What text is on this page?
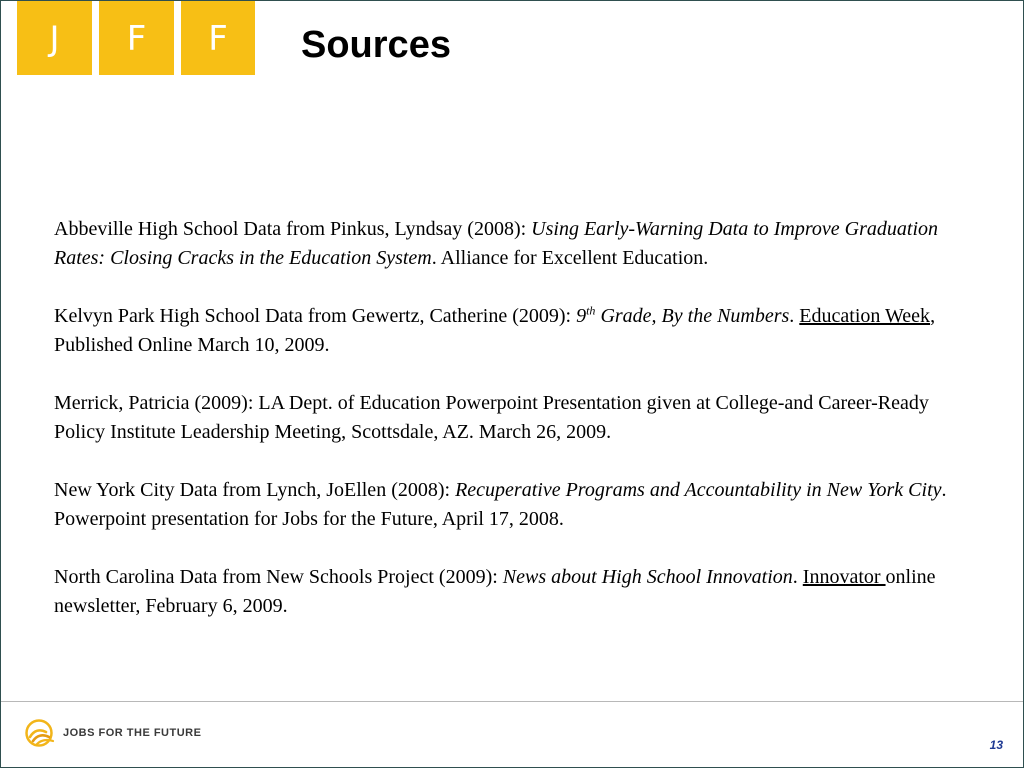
J	F	F	Sources

Abbeville High School Data from Pinkus, Lyndsay (2008): Using Early-Warning Data to Improve Graduation Rates: Closing Cracks in the Education System. Alliance for Excellent Education.

Kelvyn Park High School Data from Gewertz, Catherine (2009): 9th Grade, By the Numbers. Education Week, Published Online March 10, 2009.

Merrick, Patricia (2009): LA Dept. of Education Powerpoint Presentation given at College-and Career-Ready Policy Institute Leadership Meeting, Scottsdale, AZ. March 26, 2009.

New York City Data from Lynch, JoEllen (2008): Recuperative Programs and Accountability in New York City. Powerpoint presentation for Jobs for the Future, April 17, 2008.

North Carolina Data from New Schools Project (2009): News about High School Innovation. Innovator online newsletter, February 6, 2009.

JOBS FOR THE FUTURE
13
